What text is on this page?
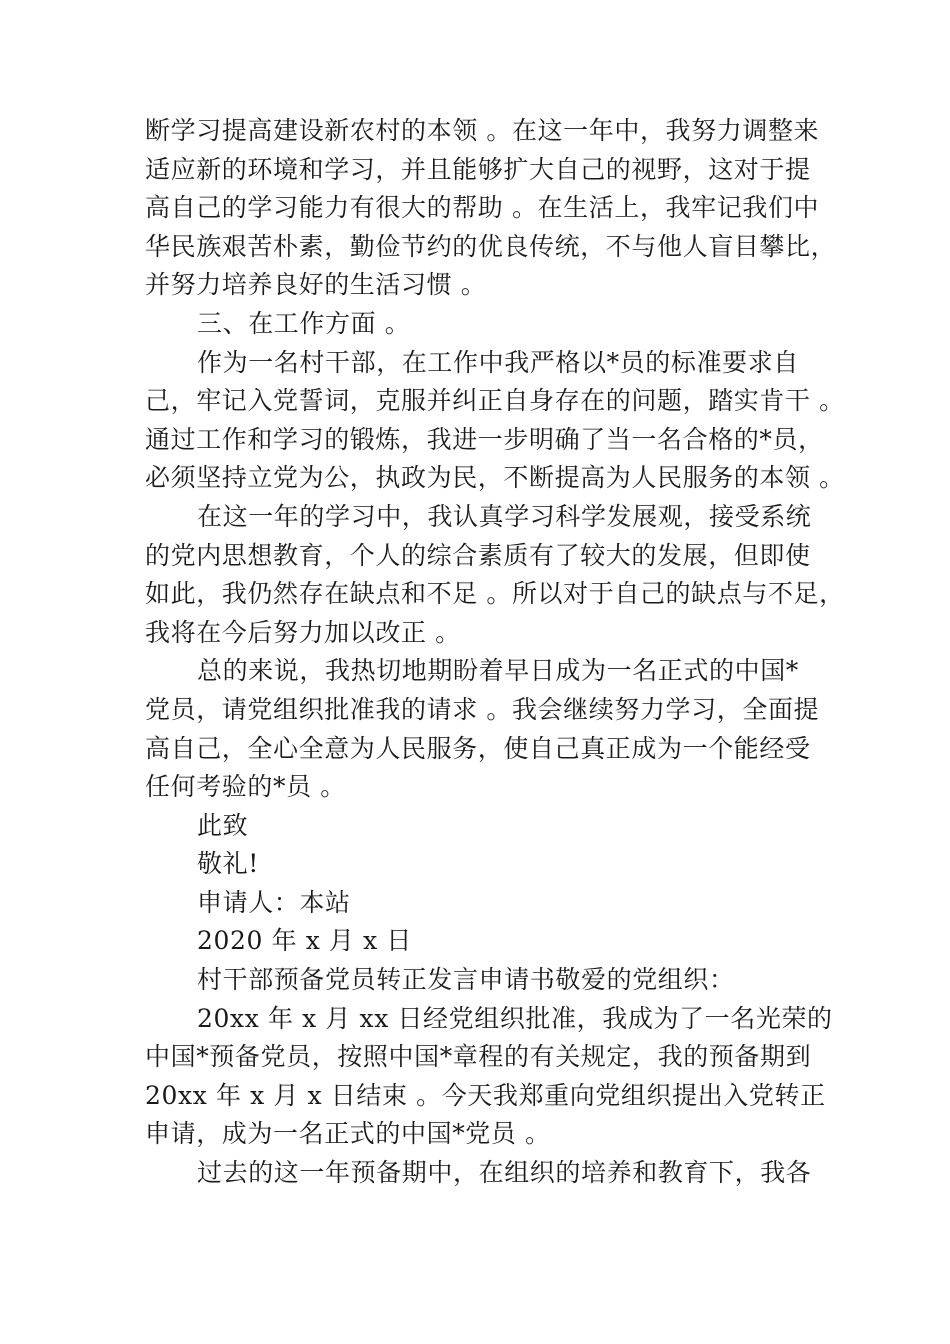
断学习提高建设新农村的本领 。在这一年中，我努力调整来
适应新的环境和学习，并且能够扩大自己的视野，这对于提
高自己的学习能力有很大的帮助 。在生活上，我牢记我们中
华民族艰苦朴素，勤俭节约的优良传统，不与他人盲目攀比，
并努力培养良好的生活习惯 。
三、在工作方面 。
作为一名村干部，在工作中我严格以*员的标准要求自
己，牢记入党誓词，克服并纠正自身存在的问题，踏实肯干 。
通过工作和学习的锻炼，我进一步明确了当一名合格的*员，
必须坚持立党为公，执政为民，不断提高为人民服务的本领 。
在这一年的学习中，我认真学习科学发展观，接受系统
的党内思想教育，个人的综合素质有了较大的发展，但即使
如此，我仍然存在缺点和不足 。所以对于自己的缺点与不足，
我将在今后努力加以改正 。
总的来说，我热切地期盼着早日成为一名正式的中国*
党员，请党组织批准我的请求 。我会继续努力学习，全面提
高自己，全心全意为人民服务，使自己真正成为一个能经受
任何考验的*员 。
此致
敬礼!
申请人：本站
2020 年 x 月 x 日
村干部预备党员转正发言申请书敬爱的党组织：
20xx 年 x 月 xx 日经党组织批准，我成为了一名光荣的
中国*预备党员，按照中国*章程的有关规定，我的预备期到
20xx 年 x 月 x 日结束 。今天我郑重向党组织提出入党转正
申请，成为一名正式的中国*党员 。
过去的这一年预备期中，在组织的培养和教育下，我各
